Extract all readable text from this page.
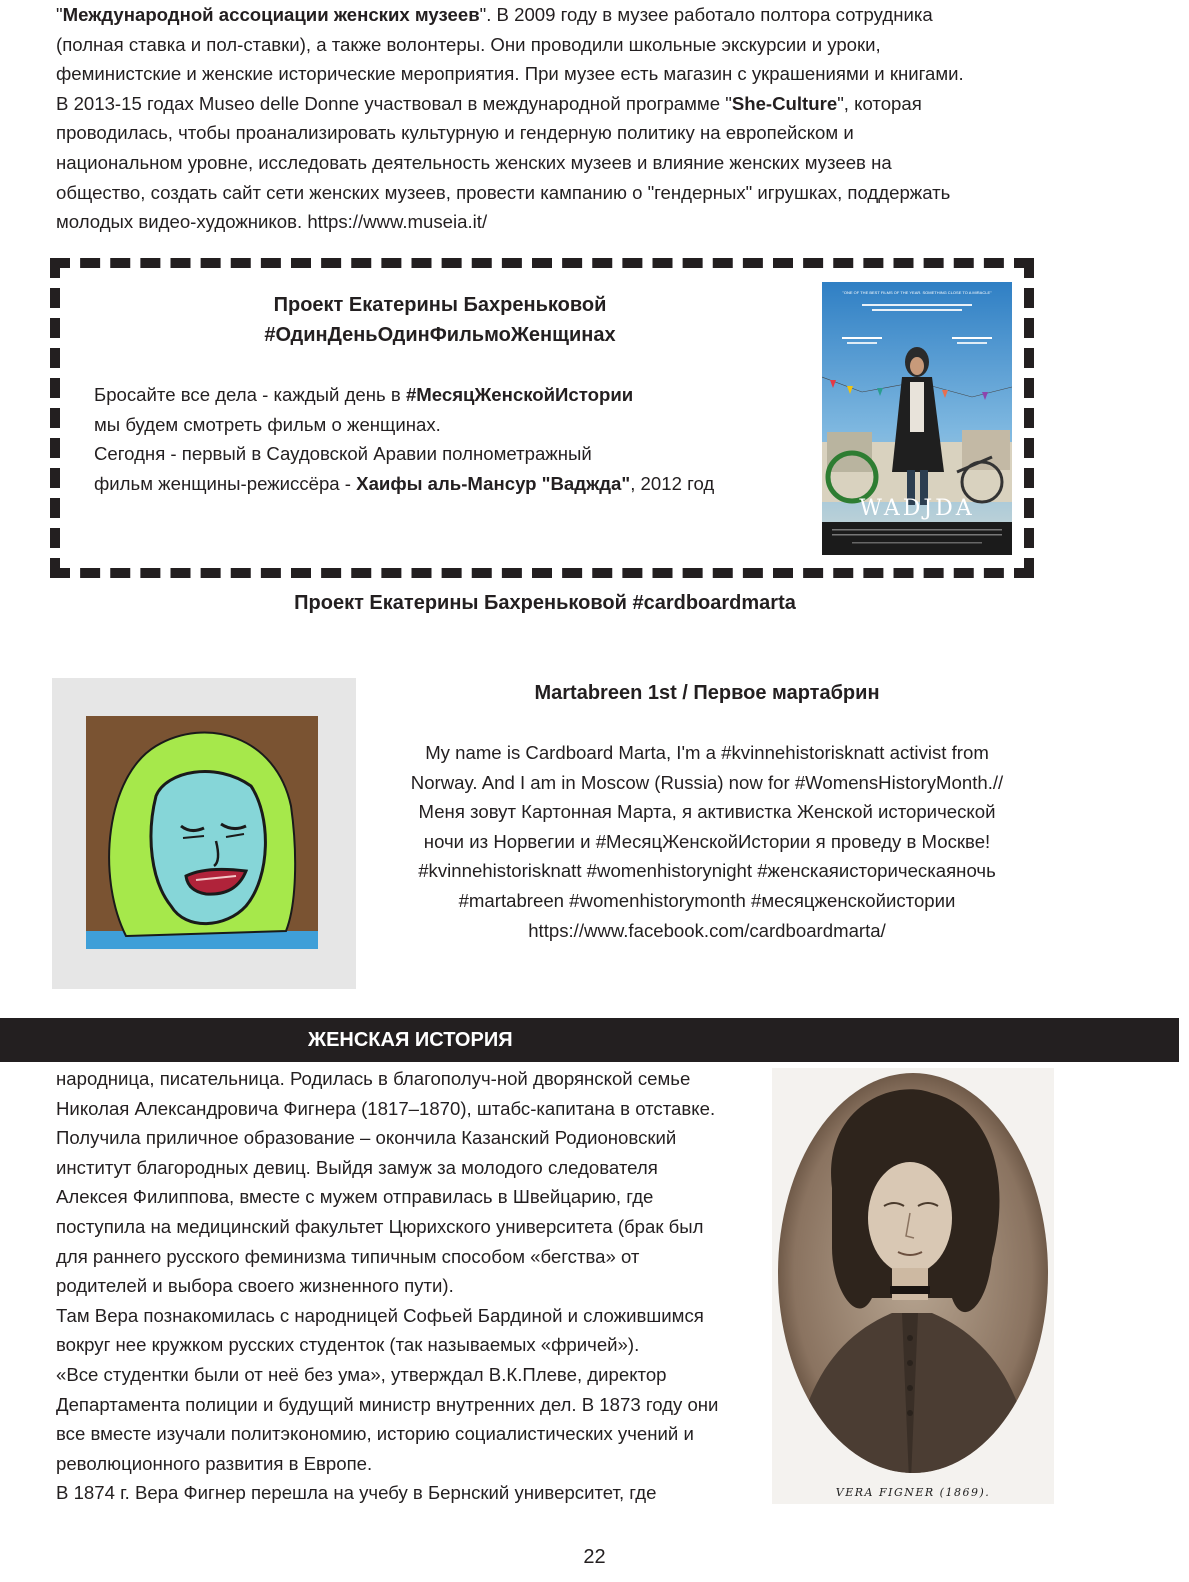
"Международной ассоциации женских музеев". В 2009 году в музее работало полтора сотрудника
(полная ставка и пол-ставки), а также волонтеры. Они проводили школьные экскурсии и уроки,
феминистские и женские исторические мероприятия. При музее есть магазин с украшениями и книгами.
В 2013-15 годах Museo delle Donne участвовал в международной программе "She-Culture", которая
проводилась, чтобы проанализировать культурную и гендерную политику на европейском и
национальном уровне, исследовать деятельность женских музеев и влияние женских музеев на
общество, создать сайт сети женских музеев, провести кампанию о "гендерных" игрушках, поддержать
молодых видео-художников. https://www.museia.it/
Проект Екатерины Бахреньковой
#ОдинДеньОдинФильмоЖенщинах
Бросайте все дела - каждый день в #МесяцЖенскойИстории
мы будем смотреть фильм о женщинах.
Сегодня - первый в Саудовской Аравии полнометражный
фильм женщины-режиссёра - Хаифы аль-Мансур "Ваджда", 2012 год
"ONE OF THE BEST FILMS OF THE YEAR. SOMETHING CLOSE TO A MIRACLE"
WADJDA
Проект Екатерины Бахреньковой #cardboardmarta
Martabreen 1st / Первое мартабрин
My name is Cardboard Marta, I'm a #kvinnehistorisknatt activist from
Norway. And I am in Moscow (Russia) now for #WomensHistoryMonth.//
Меня зовут Картонная Марта, я активистка Женской исторической
ночи из Норвегии и #МесяцЖенскойИстории я проведу в Москве!
#kvinnehistorisknatt #womenhistorynight #женскаяисторическаяночь
#martabreen #womenhistorymonth #месяцженскойистории
https://www.facebook.com/cardboardmarta/
ЖЕНСКАЯ ИСТОРИЯ
народница, писательница. Родилась в благополуч-ной дворянской семье
Николая Александровича Фигнера (1817–1870), штабс-капитана в отставке.
Получила приличное образование – окончила Казанский Родионовский
институт благородных девиц. Выйдя замуж за молодого следователя
Алексея Филиппова, вместе с мужем отправилась в Швейцарию, где
поступила на медицинский факультет Цюрихского университета (брак был
для раннего русского феминизма типичным способом «бегства» от
родителей и выбора своего жизненного пути).
Там Вера познакомилась с народницей Софьей Бардиной и сложившимся
вокруг нее кружком русских студенток (так называемых «фричей»).
«Все студентки были от неё без ума», утверждал В.К.Плеве, директор
Департамента полиции и будущий министр внутренних дел. В 1873 году они
все вместе изучали политэкономию, историю социалистических учений и
революционного развития в Европе.
В 1874 г. Вера Фигнер перешла на учебу в Бернский университет, где	VERA FIGNER (1869).
22
